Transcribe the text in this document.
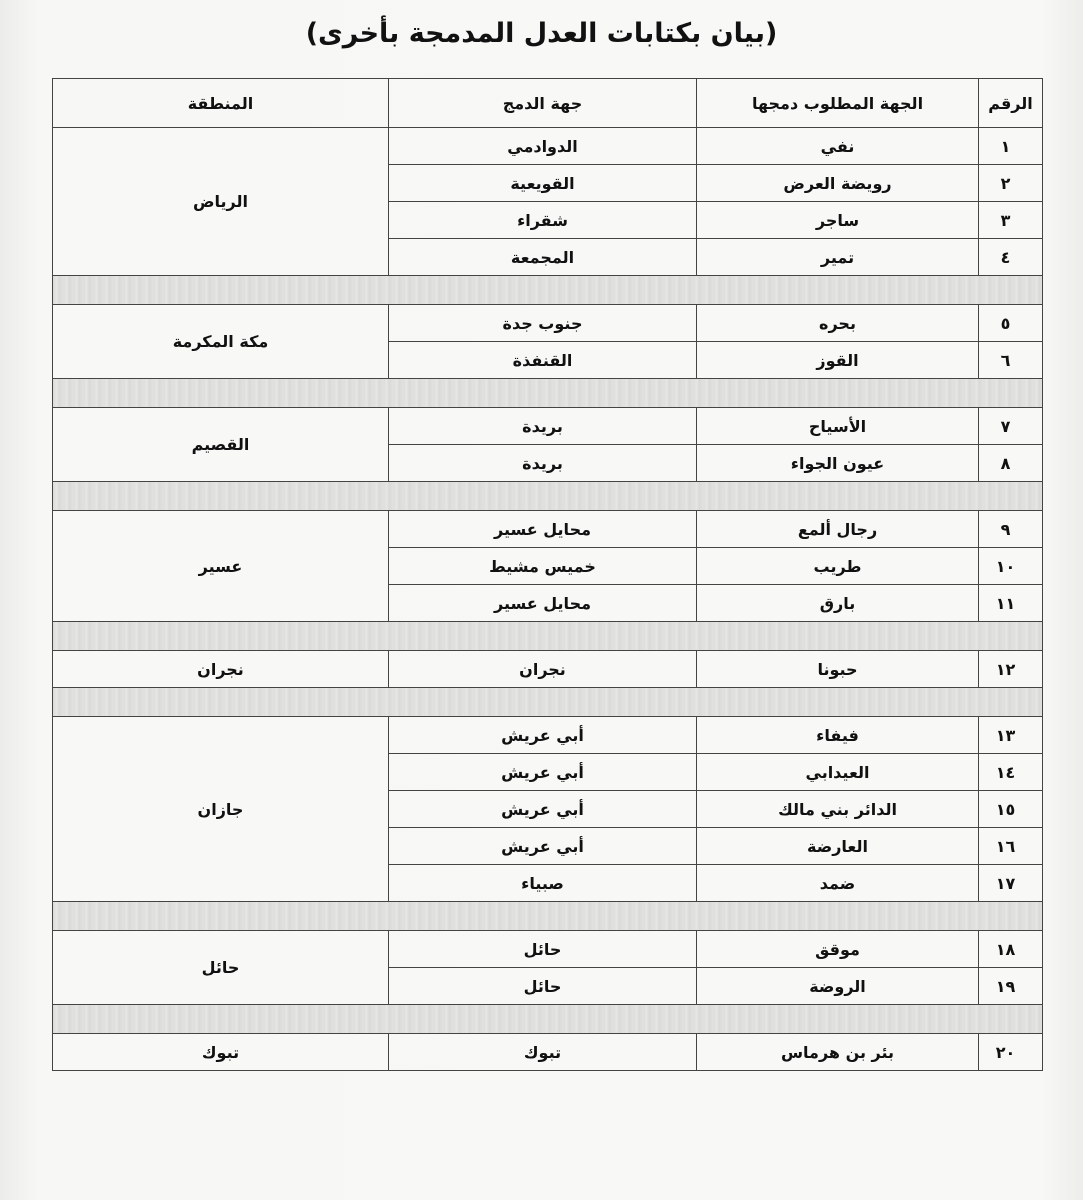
(بيان بكتابات العدل المدمجة بأخرى)
الرقم	الجهة المطلوب دمجها	جهة الدمج	المنطقة
١	نفي	الدوادمي	الرياض
٢	رويضة العرض	القويعية	
٣	ساجر	شقراء	
٤	تمير	المجمعة	

٥	بحره	جنوب جدة	مكة المكرمة
٦	القوز	القنفذة	

٧	الأسياح	بريدة	القصيم
٨	عيون الجواء	بريدة	

٩	رجال ألمع	محايل عسير	عسير
١٠	طريب	خميس مشيط	
١١	بارق	محايل عسير	

١٢	حبونا	نجران	نجران

١٣	فيفاء	أبي عريش	جازان
١٤	العيدابي	أبي عريش	
١٥	الدائر بني مالك	أبي عريش	
١٦	العارضة	أبي عريش	
١٧	ضمد	صبياء	

١٨	موقق	حائل	حائل
١٩	الروضة	حائل	

٢٠	بئر بن هرماس	تبوك	تبوك
